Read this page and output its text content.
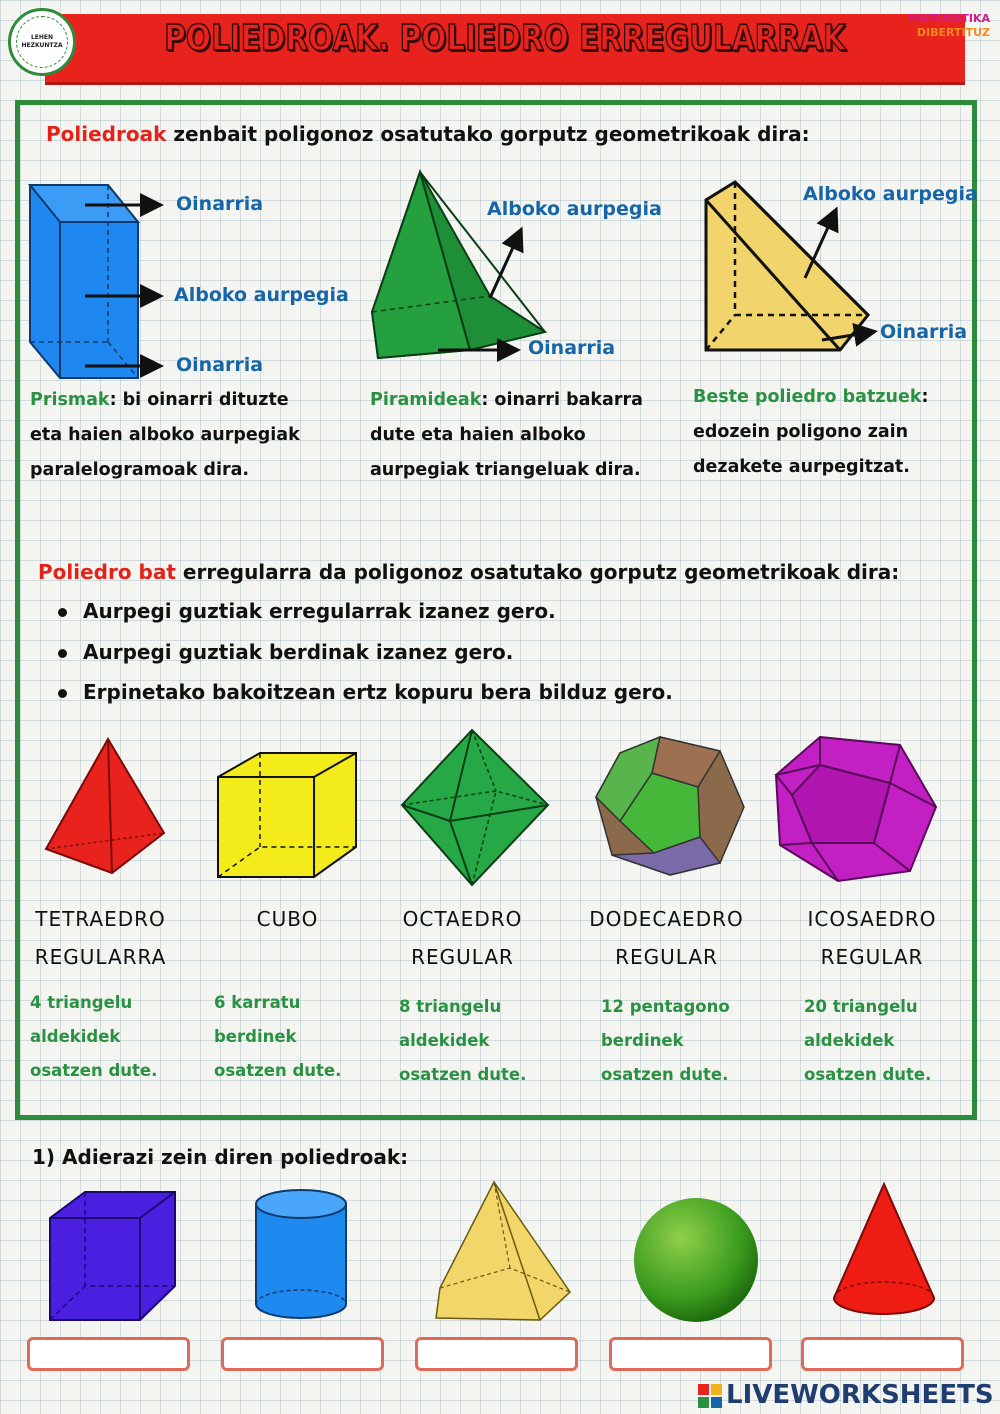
POLIEDROAK. POLIEDRO ERREGULARRAK
LEHEN HEZKUNTZA
MATEMATIKA
DIBERTITUZ
Poliedroak zenbait poligonoz osatutako gorputz geometrikoak dira:
Oinarria
Alboko aurpegia
Oinarria
Alboko aurpegia
Oinarria
Alboko aurpegia
Oinarria
Prismak: bi oinarri dituzte
eta haien alboko aurpegiak
paralelogramoak dira.
Piramideak: oinarri bakarra
dute eta haien alboko
aurpegiak triangeluak dira.
Beste poliedro batzuek:
edozein poligono zain
dezakete aurpegitzat.
Poliedro bat erregularra da poligonoz osatutako gorputz geometrikoak dira:
Aurpegi guztiak erregularrak izanez gero.
Aurpegi guztiak berdinak izanez gero.
Erpinetako bakoitzean ertz kopuru bera bilduz gero.
TETRAEDRO
REGULARRA
CUBO	OCTAEDRO
REGULAR
DODECAEDRO
REGULAR
ICOSAEDRO
REGULAR
4 triangelu
aldekidek
osatzen dute.
6 karratu
berdinek
osatzen dute.
8 triangelu
aldekidek
osatzen dute.
12 pentagono
berdinek
osatzen dute.
20 triangelu
aldekidek
osatzen dute.
1) Adierazi zein diren poliedroak:
LIVEWORKSHEETS
